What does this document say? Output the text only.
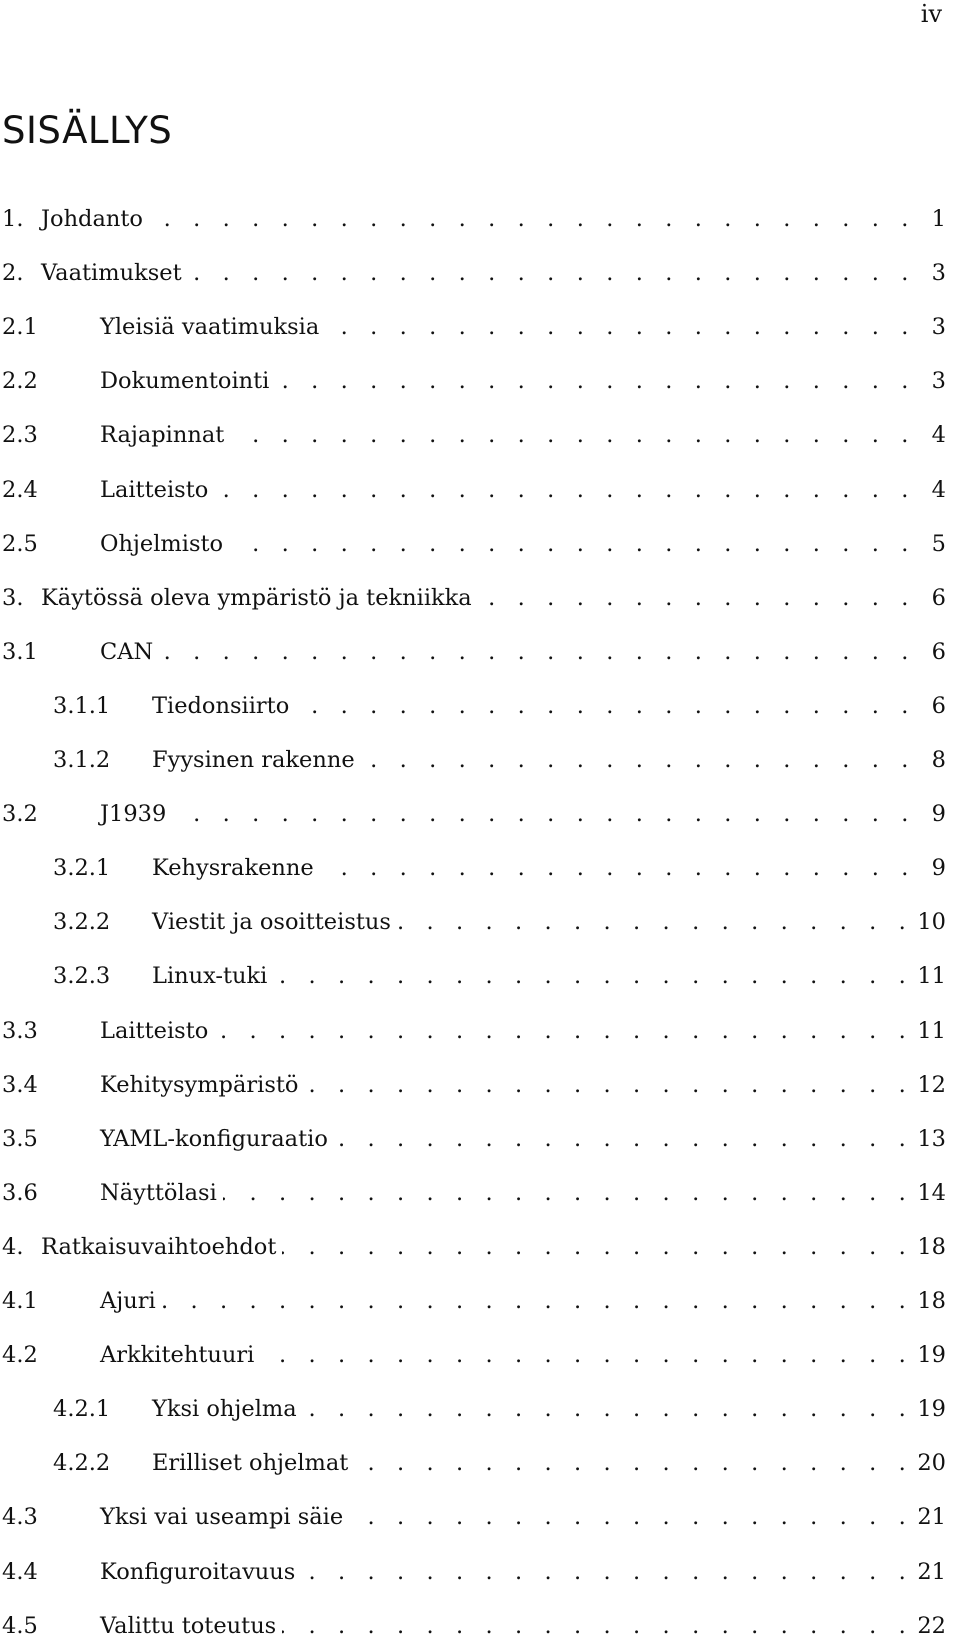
iv
SISÄLLYS
1. Johdanto . . .	1
2. Vaatimukset . . .	3
2.1	Yleisiä vaatimuksia . . .	3
2.2	Dokumentointi . . .	3
2.3	Rajapinnat . . .	4
2.4	Laitteisto . . .	4
2.5	Ohjelmisto . . .	5
3. Käytössä oleva ympäristö ja tekniikka . . .	6
3.1	CAN . . .	6
3.1.1	Tiedonsiirto . . .	6
3.1.2	Fyysinen rakenne . . .	8
3.2	J1939 . . .	9
3.2.1	Kehysrakenne . . .	9
3.2.2	Viestit ja osoitteistus . . .	10
3.2.3	Linux-tuki . . .	11
3.3	Laitteisto . . .	11
3.4	Kehitysympäristö . . .	12
3.5	YAML-konfiguraatio . . .	13
3.6	Näyttölasi . . .	14
4. Ratkaisuvaihtoehdot . . .	18
4.1	Ajuri . . .	18
4.2	Arkkitehtuuri . . .	19
4.2.1	Yksi ohjelma . . .	19
4.2.2	Erilliset ohjelmat . . .	20
4.3	Yksi vai useampi säie . . .	21
4.4	Konfiguroitavuus . . .	21
4.5	Valittu toteutus . . .	22
